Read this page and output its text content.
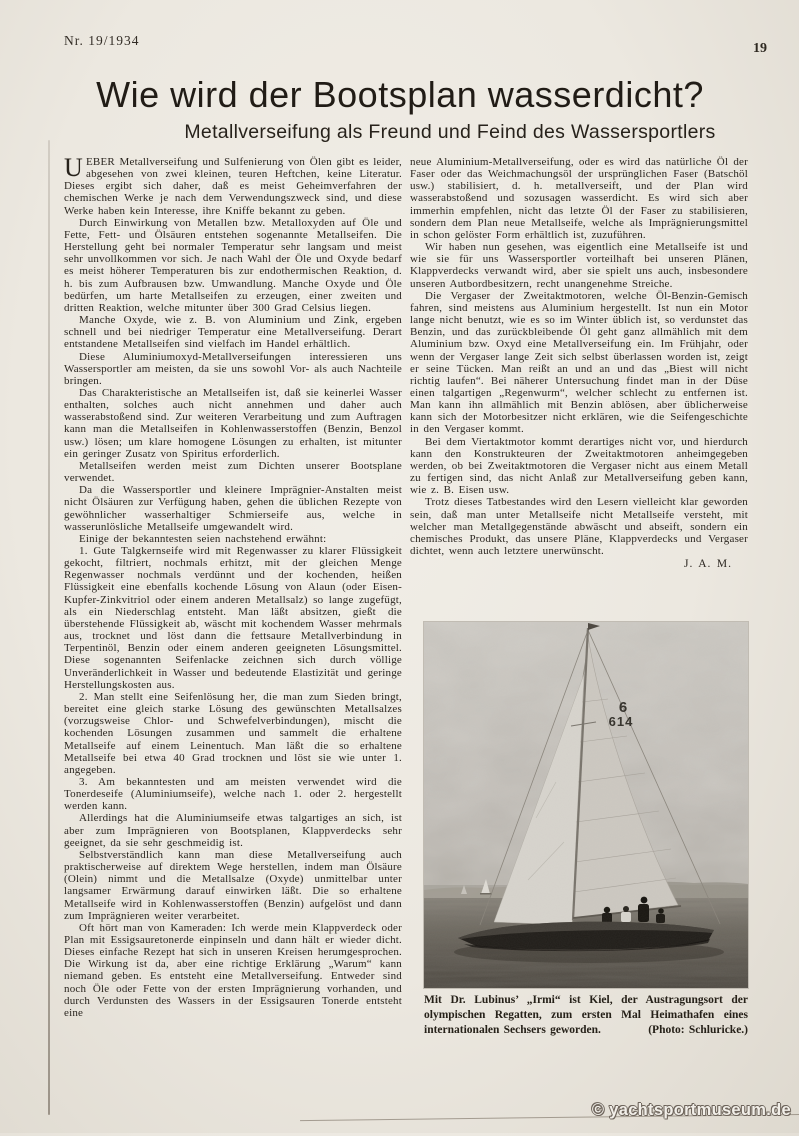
Nr. 19/1934
19
Wie wird der Bootsplan wasserdicht?
Metallverseifung als Freund und Feind des Wassersportlers

UEBER Metallverseifung und Sulfenierung von Ölen gibt es leider, abgesehen von zwei kleinen, teuren Heftchen, keine Literatur. Dieses ergibt sich daher, daß es meist Geheimverfahren der chemischen Werke je nach dem Verwendungszweck sind, und diese Werke haben kein Interesse, ihre Kniffe bekannt zu geben.

Durch Einwirkung von Metallen bzw. Metalloxyden auf Öle und Fette, Fett- und Ölsäuren entstehen sogenannte Metallseifen. Die Herstellung geht bei normaler Temperatur sehr langsam und meist sehr unvollkommen vor sich. Je nach Wahl der Öle und Oxyde bedarf es meist höherer Temperaturen bis zur endothermischen Reaktion, d. h. bis zum Aufbrausen bzw. Umwandlung. Manche Oxyde und Öle bedürfen, um harte Metallseifen zu erzeugen, einer zweiten und dritten Reaktion, welche mitunter über 300 Grad Celsius liegen.

Manche Oxyde, wie z. B. von Aluminium und Zink, ergeben schnell und bei niedriger Temperatur eine Metallverseifung. Derart entstandene Metallseifen sind vielfach im Handel erhältlich.

Diese Aluminiumoxyd-Metallverseifungen interessieren uns Wassersportler am meisten, da sie uns sowohl Vor- als auch Nachteile bringen.

Das Charakteristische an Metallseifen ist, daß sie keinerlei Wasser enthalten, solches auch nicht annehmen und daher auch wasserabstoßend sind. Zur weiteren Verarbeitung und zum Auftragen kann man die Metallseifen in Kohlenwasserstoffen (Benzin, Benzol usw.) lösen; um klare homogene Lösungen zu erhalten, ist mitunter ein geringer Zusatz von Spiritus erforderlich.

Metallseifen werden meist zum Dichten unserer Bootsplane verwendet.

Da die Wassersportler und kleinere Imprägnier-Anstalten meist nicht Ölsäuren zur Verfügung haben, gehen die üblichen Rezepte von gewöhnlicher wasserhaltiger Schmierseife aus, welche in wasserunlösliche Metallseife umgewandelt wird.

Einige der bekanntesten seien nachstehend erwähnt:

1. Gute Talgkernseife wird mit Regenwasser zu klarer Flüssigkeit gekocht, filtriert, nochmals erhitzt, mit der gleichen Menge Regenwasser nochmals verdünnt und der kochenden, heißen Flüssigkeit eine ebenfalls kochende Lösung von Alaun (oder Eisen-Kupfer-Zinkvitriol oder einem anderen Metallsalz) so lange zugefügt, als ein Niederschlag entsteht. Man läßt absitzen, gießt die überstehende Flüssigkeit ab, wäscht mit kochendem Wasser mehrmals aus, trocknet und löst dann die fettsaure Metallverbindung in Terpentinöl, Benzin oder einem anderen geeigneten Lösungsmittel. Diese sogenannten Seifenlacke zeichnen sich durch völlige Unveränderlichkeit in Wasser und bedeutende Elastizität und geringe Herstellungskosten aus.

2. Man stellt eine Seifenlösung her, die man zum Sieden bringt, bereitet eine gleich starke Lösung des gewünschten Metallsalzes (vorzugsweise Chlor- und Schwefelverbindungen), mischt die kochenden Lösungen zusammen und sammelt die erhaltene Metallseife auf einem Leinentuch. Man läßt die so erhaltene Metallseife bei etwa 40 Grad trocknen und löst sie wie unter 1. angegeben.

3. Am bekanntesten und am meisten verwendet wird die Tonerdeseife (Aluminiumseife), welche nach 1. oder 2. hergestellt werden kann.

Allerdings hat die Aluminiumseife etwas talgartiges an sich, ist aber zum Imprägnieren von Bootsplanen, Klappverdecks sehr geeignet, da sie sehr geschmeidig ist.

Selbstverständlich kann man diese Metallverseifung auch praktischerweise auf direktem Wege herstellen, indem man Ölsäure (Olein) nimmt und die Metallsalze (Oxyde) unmittelbar unter langsamer Erwärmung darauf einwirken läßt. Die so erhaltene Metallseife wird in Kohlenwasserstoffen (Benzin) aufgelöst und dann zum Imprägnieren weiter verarbeitet.

Oft hört man von Kameraden: Ich werde mein Klappverdeck oder Plan mit Essigsauretonerde einpinseln und dann hält er wieder dicht. Dieses einfache Rezept hat sich in unseren Kreisen herumgesprochen. Die Wirkung ist da, aber eine richtige Erklärung „Warum“ kann niemand geben. Es entsteht eine Metallverseifung. Entweder sind noch Öle oder Fette von der ersten Imprägnierung vorhanden, und durch Verdunsten des Wassers in der Essigsauren Tonerde entsteht eine

neue Aluminium-Metallverseifung, oder es wird das natürliche Öl der Faser oder das Weichmachungsöl der ursprünglichen Faser (Batschöl usw.) stabilisiert, d. h. metallverseift, und der Plan wird wasserabstoßend und sozusagen wasserdicht. Es wird sich aber immerhin empfehlen, nicht das letzte Öl der Faser zu stabilisieren, sondern dem Plan neue Metallseife, welche als Imprägnierungsmittel in schon gelöster Form erhältlich ist, zuzuführen.

Wir haben nun gesehen, was eigentlich eine Metallseife ist und wie sie für uns Wassersportler vorteilhaft bei unseren Plänen, Klappverdecks verwandt wird, aber sie spielt uns auch, insbesondere unseren Autbordbesitzern, recht unangenehme Streiche.

Die Vergaser der Zweitaktmotoren, welche Öl-Benzin-Gemisch fahren, sind meistens aus Aluminium hergestellt. Ist nun ein Motor lange nicht benutzt, wie es so im Winter üblich ist, so verdunstet das Benzin, und das zurückbleibende Öl geht ganz allmählich mit dem Aluminium bzw. Oxyd eine Metallverseifung ein. Im Frühjahr, oder wenn der Vergaser lange Zeit sich selbst überlassen worden ist, zeigt er seine Tücken. Man reißt an und an und das „Biest will nicht richtig laufen“. Bei näherer Untersuchung findet man in der Düse einen talgartigen „Regenwurm“, welcher schlecht zu entfernen ist. Man kann ihn allmählich mit Benzin ablösen, aber üblicherweise kann sich der Motorbesitzer nicht erklären, wie die Seifengeschichte in den Vergaser kommt.

Bei dem Viertaktmotor kommt derartiges nicht vor, und hierdurch kann den Konstrukteuren der Zweitaktmotoren anheimgegeben werden, ob bei Zweitaktmotoren die Vergaser nicht aus einem Metall zu fertigen sind, das nicht Anlaß zur Metallverseifung geben kann, wie z. B. Eisen usw.

Trotz dieses Tatbestandes wird den Lesern vielleicht klar geworden sein, daß man unter Metallseife nicht Metallseife versteht, mit welcher man Metallgegenstände abwäscht und abseift, sondern ein chemisches Produkt, das unsere Pläne, Klappverdecks und Vergaser dichtet, wenn auch letztere unerwünscht.

J. A. M.
Mit Dr. Lubinus’ „Irmi“ ist Kiel, der Austragungsort der olympischen Regatten, zum ersten Mal Heimathafen eines internationalen Sechsers geworden.	(Photo: Schluricke.)
© yachtsportmuseum.de
